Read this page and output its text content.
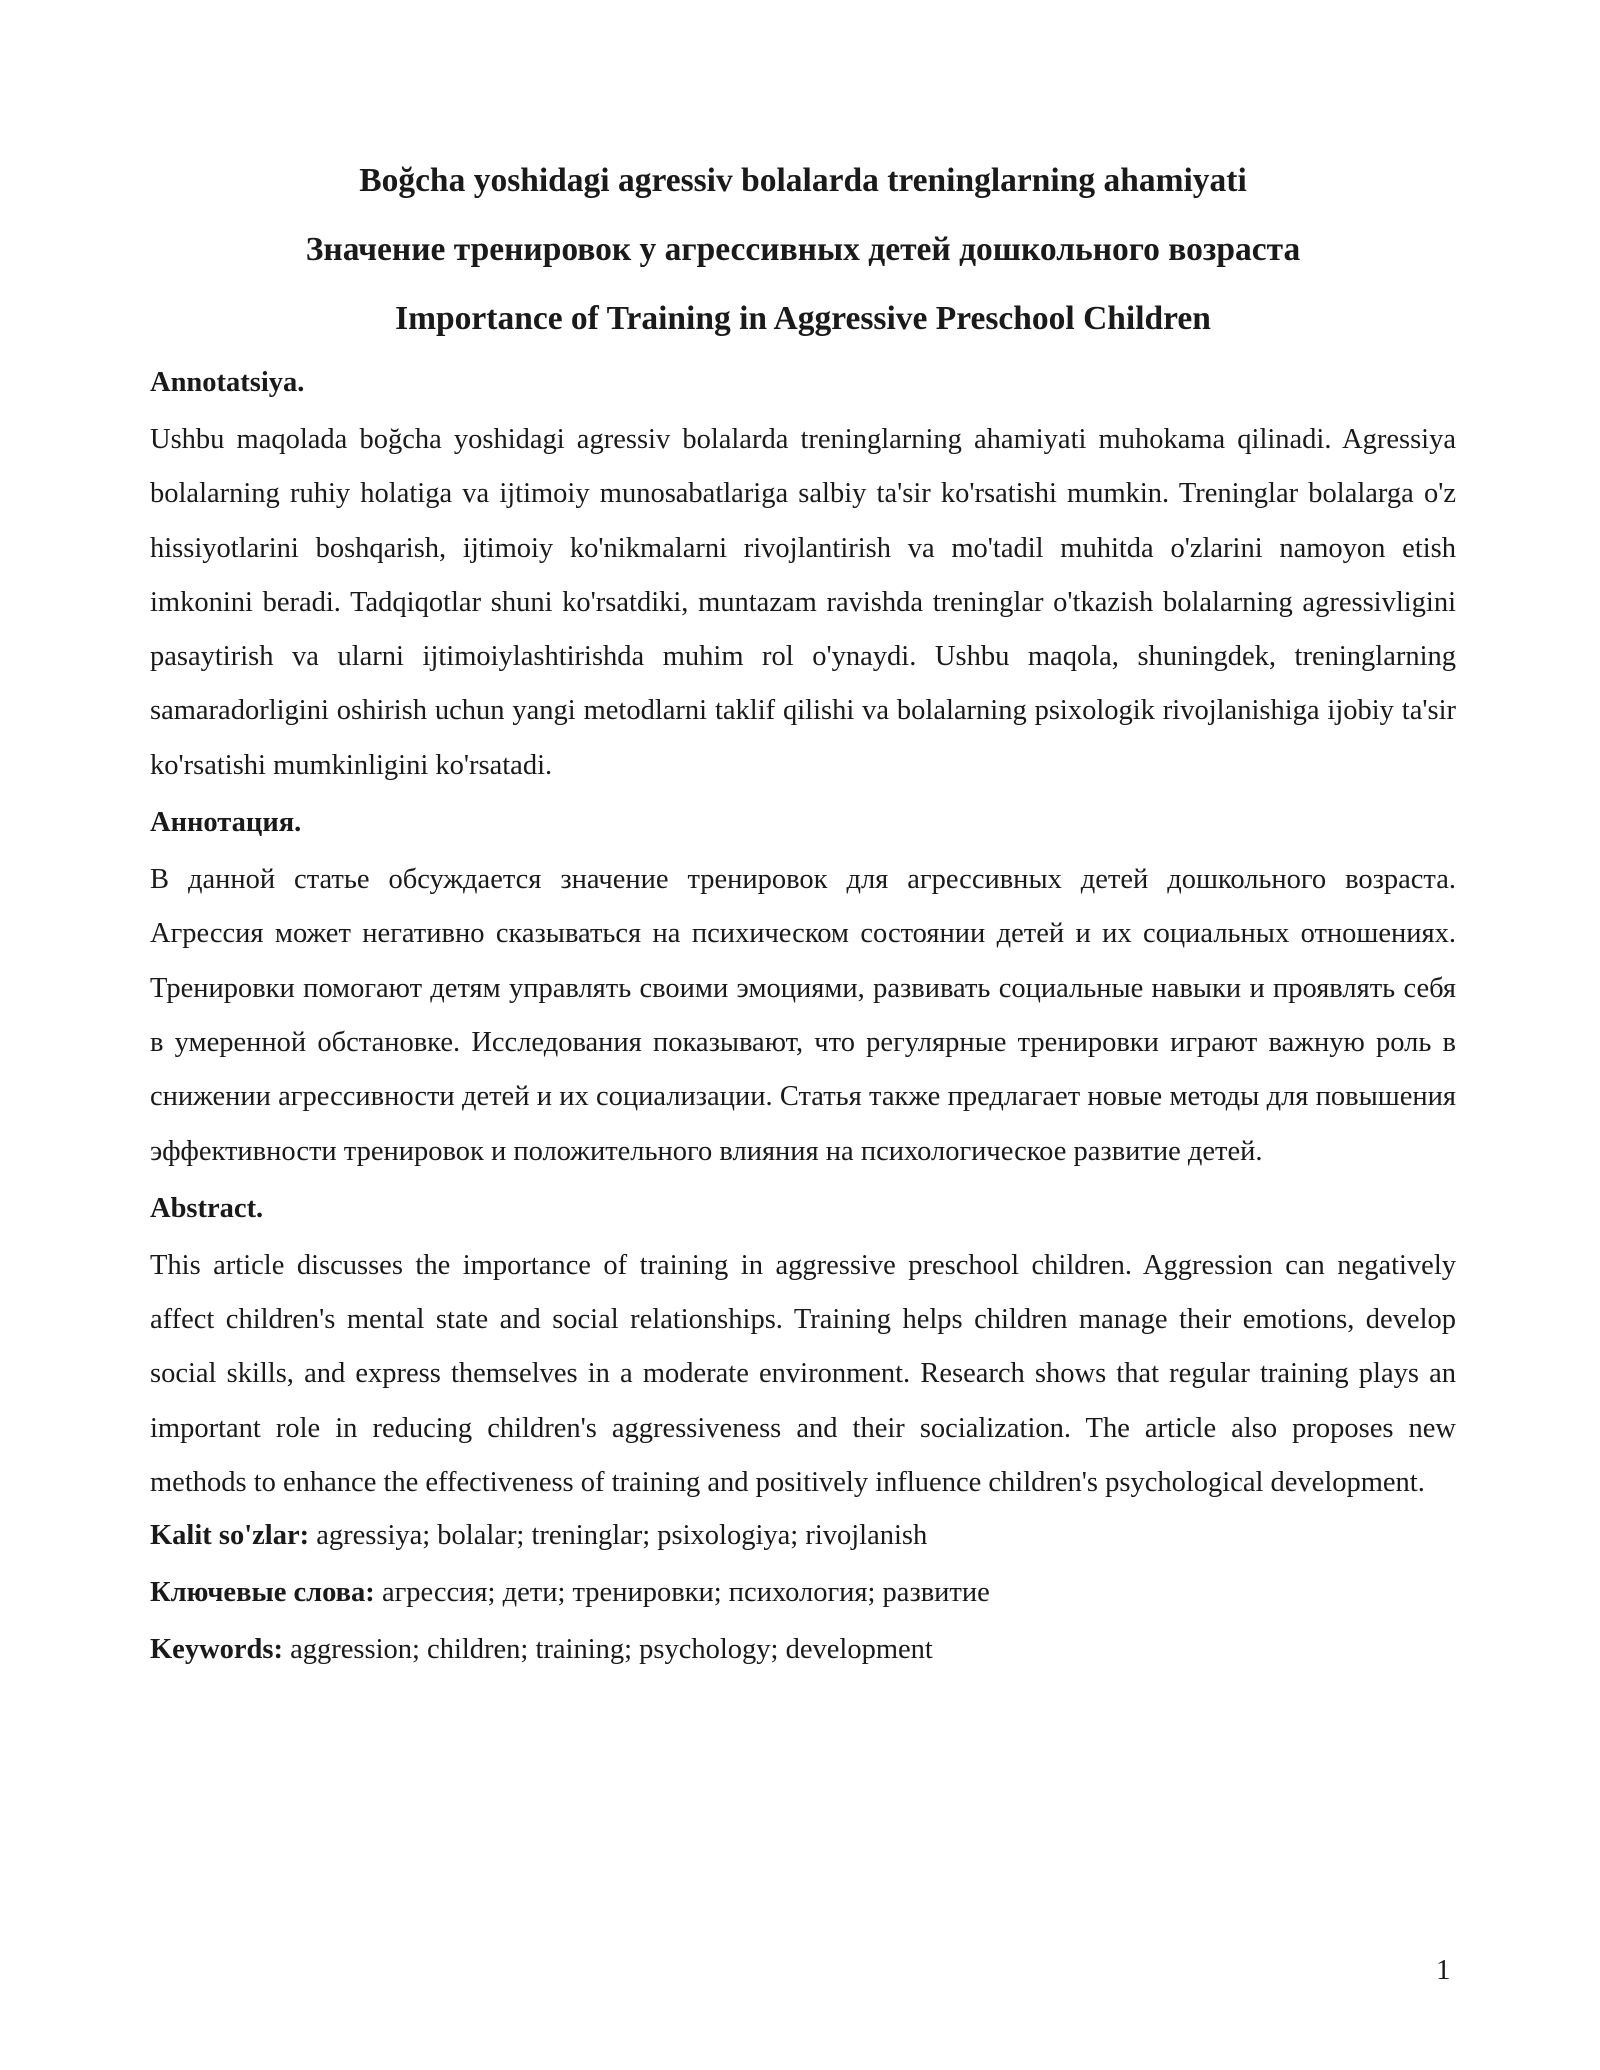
Boğcha yoshidagi agressiv bolalarda treninglarning ahamiyati
Значение тренировок у агрессивных детей дошкольного возраста
Importance of Training in Aggressive Preschool Children
Annotatsiya.

Ushbu maqolada boğcha yoshidagi agressiv bolalarda treninglarning ahamiyati muhokama qilinadi. Agressiya bolalarning ruhiy holatiga va ijtimoiy munosabatlariga salbiy ta'sir ko'rsatishi mumkin. Treninglar bolalarga o'z hissiyotlarini boshqarish, ijtimoiy ko'nikmalarni rivojlantirish va mo'tadil muhitda o'zlarini namoyon etish imkonini beradi. Tadqiqotlar shuni ko'rsatdiki, muntazam ravishda treninglar o'tkazish bolalarning agressivligini pasaytirish va ularni ijtimoiylashtirishda muhim rol o'ynaydi. Ushbu maqola, shuningdek, treninglarning samaradorligini oshirish uchun yangi metodlarni taklif qilishi va bolalarning psixologik rivojlanishiga ijobiy ta'sir ko'rsatishi mumkinligini ko'rsatadi.

Аннотация.

В данной статье обсуждается значение тренировок для агрессивных детей дошкольного возраста. Агрессия может негативно сказываться на психическом состоянии детей и их социальных отношениях. Тренировки помогают детям управлять своими эмоциями, развивать социальные навыки и проявлять себя в умеренной обстановке. Исследования показывают, что регулярные тренировки играют важную роль в снижении агрессивности детей и их социализации. Статья также предлагает новые методы для повышения эффективности тренировок и положительного влияния на психологическое развитие детей.

Abstract.

This article discusses the importance of training in aggressive preschool children. Aggression can negatively affect children's mental state and social relationships. Training helps children manage their emotions, develop social skills, and express themselves in a moderate environment. Research shows that regular training plays an important role in reducing children's aggressiveness and their socialization. The article also proposes new methods to enhance the effectiveness of training and positively influence children's psychological development.

Kalit so'zlar: agressiya; bolalar; treninglar; psixologiya; rivojlanish

Ключевые слова: агрессия; дети; тренировки; психология; развитие

Keywords: aggression; children; training; psychology; development

1
